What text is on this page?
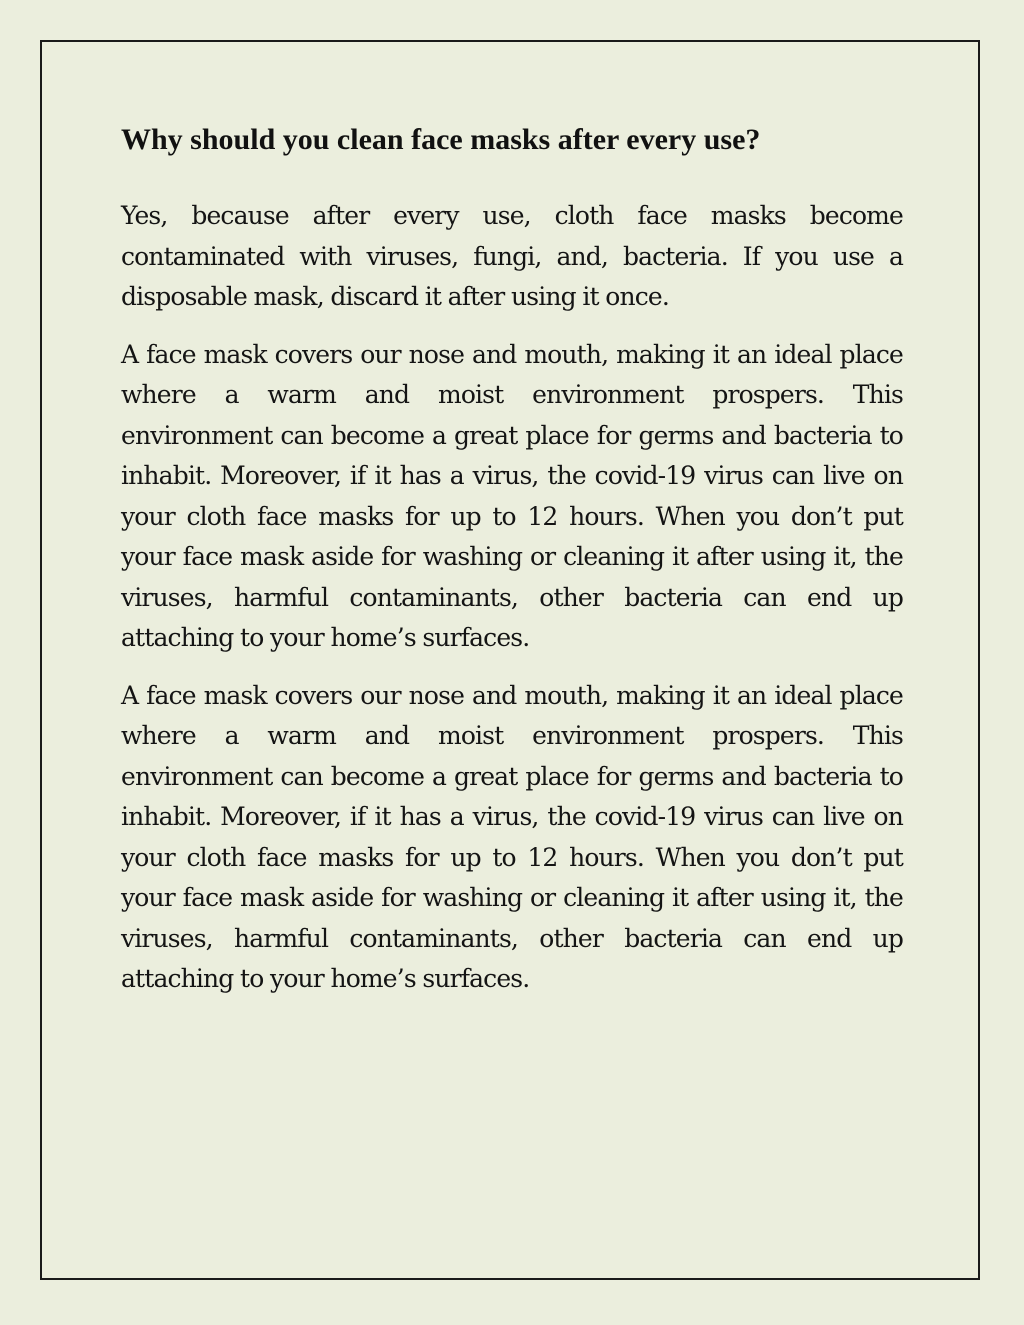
Why should you clean face masks after every use?

Yes, because after every use, cloth face masks become contaminated with viruses, fungi, and, bacteria. If you use a disposable mask, discard it after using it once.

A face mask covers our nose and mouth, making it an ideal place where a warm and moist environment prospers. This environment can become a great place for germs and bacteria to inhabit. Moreover, if it has a virus, the covid-19 virus can live on your cloth face masks for up to 12 hours. When you don’t put your face mask aside for washing or cleaning it after using it, the viruses, harmful contaminants, other bacteria can end up attaching to your home’s surfaces.

A face mask covers our nose and mouth, making it an ideal place where a warm and moist environment prospers. This environment can become a great place for germs and bacteria to inhabit. Moreover, if it has a virus, the covid-19 virus can live on your cloth face masks for up to 12 hours. When you don’t put your face mask aside for washing or cleaning it after using it, the viruses, harmful contaminants, other bacteria can end up attaching to your home’s surfaces.
